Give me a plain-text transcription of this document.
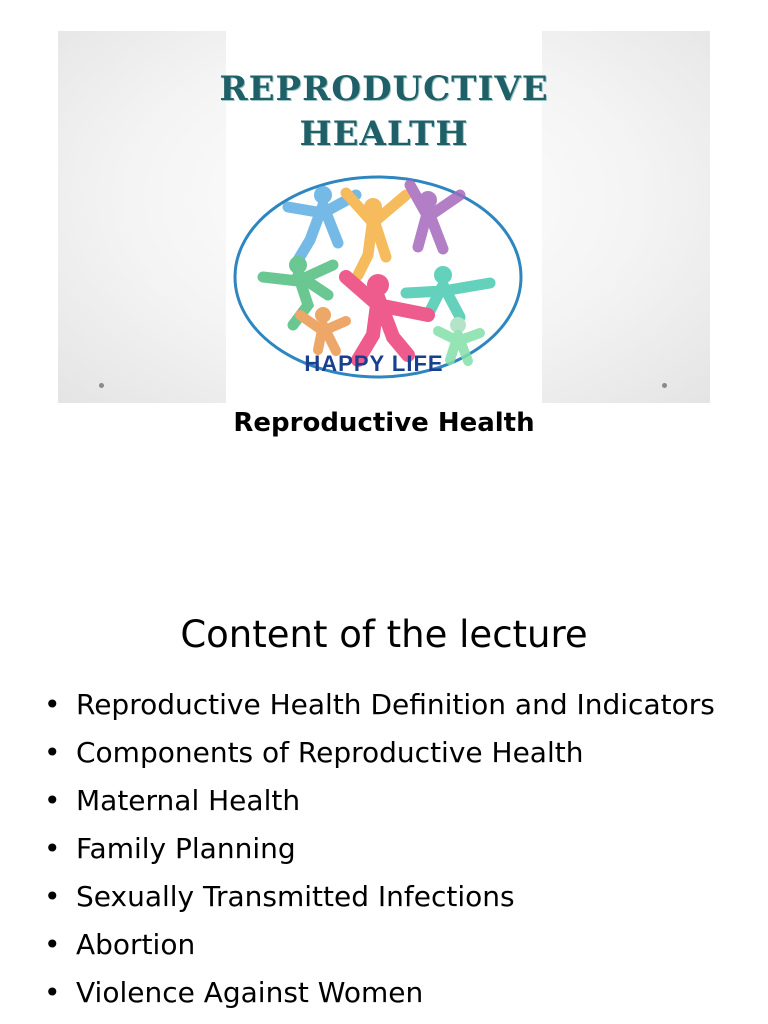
REPRODUCTIVE
HEALTH
HAPPY LIFE

Reproductive Health

Content of the lecture
• Reproductive Health Definition and Indicators
• Components of Reproductive Health
• Maternal Health
• Family Planning
• Sexually Transmitted Infections
• Abortion
• Violence Against Women
